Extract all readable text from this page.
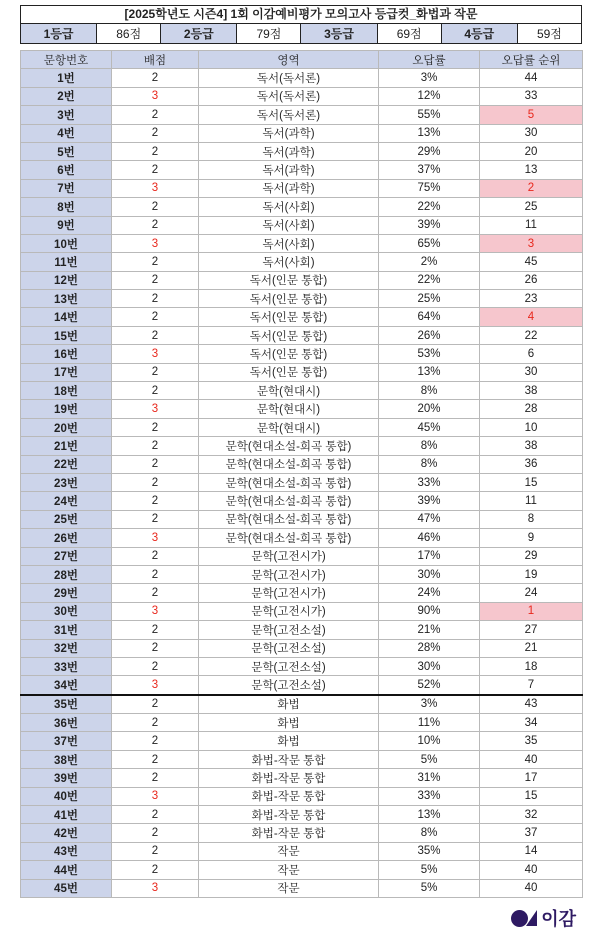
[2025학년도 시즌4] 1회 이감예비평가 모의고사 등급컷_화법과 작문
1등급	86점	2등급	79점	3등급	69점	4등급	59점
문항번호	배점	영역	오답률	오답률 순위
1번	2	독서(독서론)	3%	44
2번	3	독서(독서론)	12%	33
3번	2	독서(독서론)	55%	5
4번	2	독서(과학)	13%	30
5번	2	독서(과학)	29%	20
6번	2	독서(과학)	37%	13
7번	3	독서(과학)	75%	2
8번	2	독서(사회)	22%	25
9번	2	독서(사회)	39%	11
10번	3	독서(사회)	65%	3
11번	2	독서(사회)	2%	45
12번	2	독서(인문 통합)	22%	26
13번	2	독서(인문 통합)	25%	23
14번	2	독서(인문 통합)	64%	4
15번	2	독서(인문 통합)	26%	22
16번	3	독서(인문 통합)	53%	6
17번	2	독서(인문 통합)	13%	30
18번	2	문학(현대시)	8%	38
19번	3	문학(현대시)	20%	28
20번	2	문학(현대시)	45%	10
21번	2	문학(현대소설-희곡 통합)	8%	38
22번	2	문학(현대소설-희곡 통합)	8%	36
23번	2	문학(현대소설-희곡 통합)	33%	15
24번	2	문학(현대소설-희곡 통합)	39%	11
25번	2	문학(현대소설-희곡 통합)	47%	8
26번	3	문학(현대소설-희곡 통합)	46%	9
27번	2	문학(고전시가)	17%	29
28번	2	문학(고전시가)	30%	19
29번	2	문학(고전시가)	24%	24
30번	3	문학(고전시가)	90%	1
31번	2	문학(고전소설)	21%	27
32번	2	문학(고전소설)	28%	21
33번	2	문학(고전소설)	30%	18
34번	3	문학(고전소설)	52%	7
35번	2	화법	3%	43
36번	2	화법	11%	34
37번	2	화법	10%	35
38번	2	화법-작문 통합	5%	40
39번	2	화법-작문 통합	31%	17
40번	3	화법-작문 통합	33%	15
41번	2	화법-작문 통합	13%	32
42번	2	화법-작문 통합	8%	37
43번	2	작문	35%	14
44번	2	작문	5%	40
45번	3	작문	5%	40
이감
